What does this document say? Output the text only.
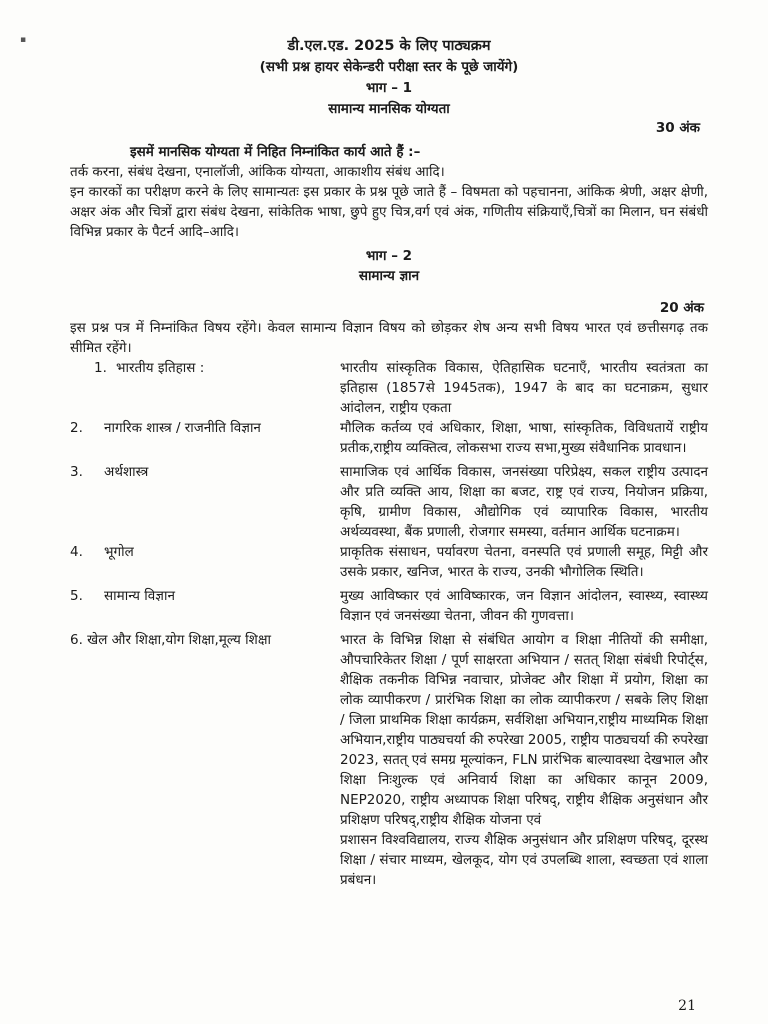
▪	डी.एल.एड. 2025 के लिए पाठ्यक्रम
(सभी प्रश्न हायर सेकेन्डरी परीक्षा स्तर के पूछे जायेंगे)
भाग – 1
सामान्य मानसिक योग्यता
30 अंक
इसमें मानसिक योग्यता में निहित निम्नांकित कार्य आते हैं :–
तर्क करना, संबंध देखना, एनालॉजी, आंकिक योग्यता, आकाशीय संबंध आदि।
इन कारकों का परीक्षण करने के लिए सामान्यतः इस प्रकार के प्रश्न पूछे जाते हैं – विषमता को पहचानना, आंकिक श्रेणी, अक्षर क्षेणी, अक्षर अंक और चित्रों द्वारा संबंध देखना, सांकेतिक भाषा, छुपे हुए चित्र,वर्ग एवं अंक, गणितीय संक्रियाएँ,चित्रों का मिलान, घन संबंधी विभिन्न प्रकार के पैटर्न आदि–आदि।
भाग – 2
सामान्य ज्ञान
20 अंक
इस प्रश्न पत्र में निम्नांकित विषय रहेंगे। केवल सामान्य विज्ञान विषय को छोड़कर शेष अन्य सभी विषय भारत एवं छत्तीसगढ़ तक सीमित रहेंगे।
1. भारतीय इतिहास :	भारतीय सांस्कृतिक विकास, ऐतिहासिक घटनाएँ, भारतीय स्वतंत्रता का इतिहास (1857से 1945तक), 1947 के बाद का घटनाक्रम, सुधार आंदोलन, राष्ट्रीय एकता
2.	नागरिक शास्त्र / राजनीति विज्ञान	मौलिक कर्तव्य एवं अधिकार, शिक्षा, भाषा, सांस्कृतिक, विविधतायें राष्ट्रीय प्रतीक,राष्ट्रीय व्यक्तित्व, लोकसभा राज्य सभा,मुख्य संवैधानिक प्रावधान।
3.	अर्थशास्त्र	सामाजिक एवं आर्थिक विकास, जनसंख्या परिप्रेक्ष्य, सकल राष्ट्रीय उत्पादन और प्रति व्यक्ति आय, शिक्षा का बजट, राष्ट्र एवं राज्य, नियोजन प्रक्रिया, कृषि, ग्रामीण विकास, औद्योगिक एवं व्यापारिक विकास, भारतीय अर्थव्यवस्था, बैंक प्रणाली, रोजगार समस्या, वर्तमान आर्थिक घटनाक्रम।
4.	भूगोल	प्राकृतिक संसाधन, पर्यावरण चेतना, वनस्पति एवं प्रणाली समूह, मिट्टी और उसके प्रकार, खनिज, भारत के राज्य, उनकी भौगोलिक स्थिति।
5.	सामान्य विज्ञान	मुख्य आविष्कार एवं आविष्कारक, जन विज्ञान आंदोलन, स्वास्थ्य, स्वास्थ्य विज्ञान एवं जनसंख्या चेतना, जीवन की गुणवत्ता।
6. खेल और शिक्षा,योग शिक्षा,मूल्य शिक्षा	भारत के विभिन्न शिक्षा से संबंधित आयोग व शिक्षा नीतियों की समीक्षा, औपचारिकेतर शिक्षा / पूर्ण साक्षरता अभियान / सतत् शिक्षा संबंधी रिपोर्ट्स, शैक्षिक तकनीक विभिन्न नवाचार, प्रोजेक्ट और शिक्षा में प्रयोग, शिक्षा का लोक व्यापीकरण / प्रारंभिक शिक्षा का लोक व्यापीकरण / सबके लिए शिक्षा / जिला प्राथमिक शिक्षा कार्यक्रम, सर्वशिक्षा अभियान,राष्ट्रीय माध्यमिक शिक्षा अभियान,राष्ट्रीय पाठ्यचर्या की रुपरेखा 2005, राष्ट्रीय पाठ्यचर्या की रुपरेखा 2023, सतत् एवं समग्र मूल्यांकन, FLN प्रारंभिक बाल्यावस्था देखभाल और शिक्षा निःशुल्क एवं अनिवार्य शिक्षा का अधिकार कानून 2009, NEP2020, राष्ट्रीय अध्यापक शिक्षा परिषद्, राष्ट्रीय शैक्षिक अनुसंधान और प्रशिक्षण परिषद्,राष्ट्रीय शैक्षिक योजना एवं
प्रशासन विश्वविद्यालय, राज्य शैक्षिक अनुसंधान और प्रशिक्षण परिषद्, दूरस्थ शिक्षा / संचार माध्यम, खेलकूद, योग एवं उपलब्धि शाला, स्वच्छता एवं शाला प्रबंधन।
21
